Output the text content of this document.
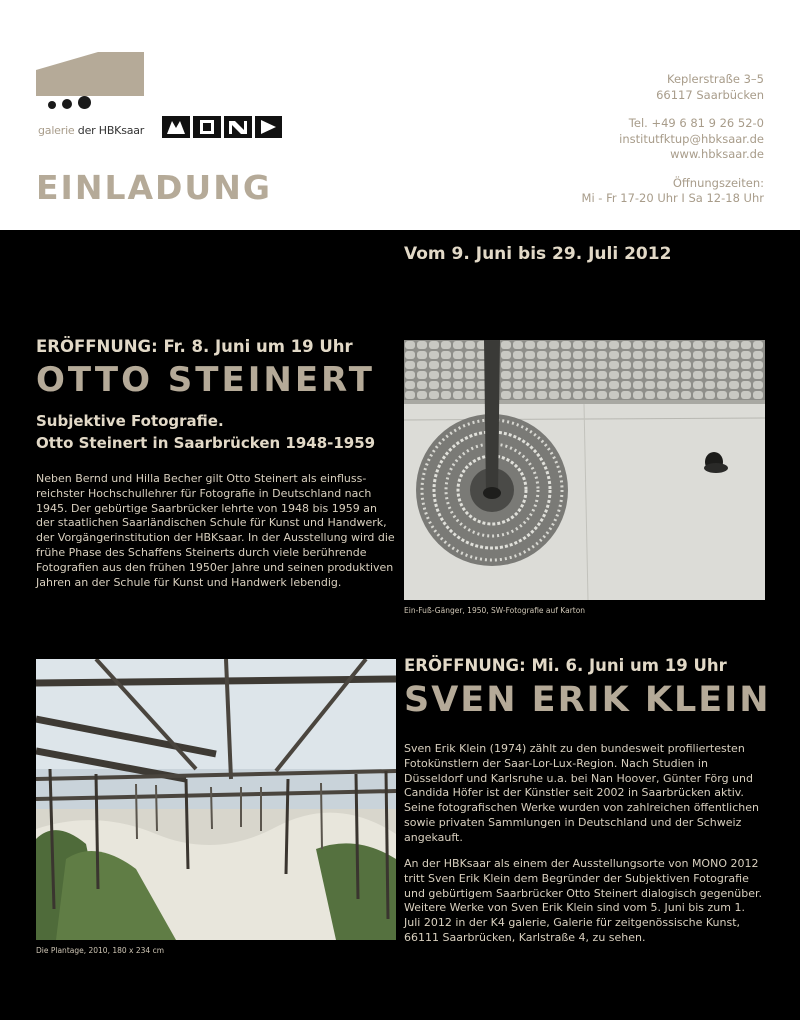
galerie der HBKsaar
EINLADUNG
Keplerstraße 3–5
66117 Saarbücken
Tel. +49 6 81 9 26 52-0
institutfktup@hbksaar.de
www.hbksaar.de
Öffnungszeiten:
Mi - Fr 17-20 Uhr I Sa 12-18 Uhr
Vom 9. Juni bis 29. Juli 2012
ERÖFFNUNG: Fr. 8. Juni um 19 Uhr
OTTO STEINERT
Subjektive Fotografie.
Otto Steinert in Saarbrücken 1948-1959
Neben Bernd und Hilla Becher gilt Otto Steinert als einflussreichster Hochschullehrer für Fotografie in Deutschland nach 1945. Der gebürtige Saarbrücker lehrte von 1948 bis 1959 an der staatlichen Saarländischen Schule für Kunst und Handwerk, der Vorgängerinstitution der HBKsaar. In der Ausstellung wird die frühe Phase des Schaffens Steinerts durch viele berührende Fotografien aus den frühen 1950er Jahre und seinen produktiven Jahren an der Schule für Kunst und Handwerk lebendig.
Ein-Fuß-Gänger, 1950, SW-Fotografie auf Karton
Die Plantage, 2010, 180 x 234 cm
ERÖFFNUNG: Mi. 6. Juni um 19 Uhr
SVEN ERIK KLEIN
Sven Erik Klein (1974) zählt zu den bundesweit profiliertesten Fotokünstlern der Saar-Lor-Lux-Region. Nach Studien in Düsseldorf und Karlsruhe u.a. bei Nan Hoover, Günter Förg und Candida Höfer ist der Künstler seit 2002 in Saarbrücken aktiv. Seine fotografischen Werke wurden von zahlreichen öffentlichen sowie privaten Sammlungen in Deutschland und der Schweiz angekauft.
An der HBKsaar als einem der Ausstellungsorte von MONO 2012 tritt Sven Erik Klein dem Begründer der Subjektiven Fotografie und gebürtigem Saarbrücker Otto Steinert dialogisch gegenüber. Weitere Werke von Sven Erik Klein sind vom 5. Juni bis zum 1. Juli 2012 in der K4 galerie, Galerie für zeitgenössische Kunst, 66111 Saarbrücken, Karlstraße 4, zu sehen.
